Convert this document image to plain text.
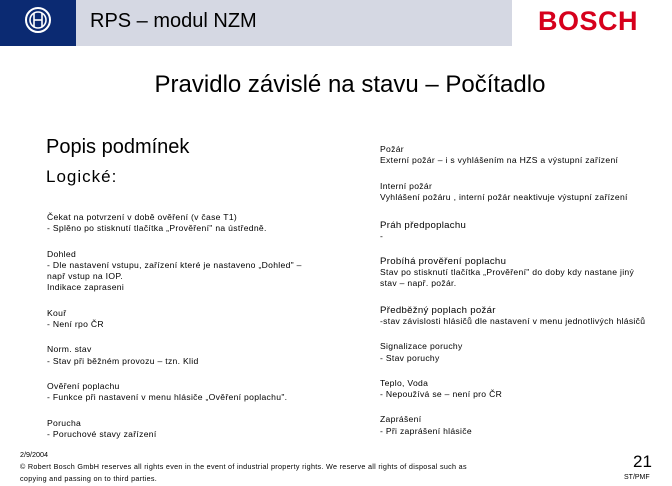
RPS – modul NZM	BOSCH
Pravidlo závislé na stavu – Počítadlo
Popis podmínek
Logické:
Čekat na potvrzení v době ověření (v čase T1)
- Splěno po stisknutí tlačítka „Prověření" na ústředně.
Dohled
- Dle nastavení vstupu, zařízení které je nastaveno „Dohled" –
např vstup na IOP.
Indikace zapraseni
Kouř
- Není rpo ČR
Norm. stav
- Stav při běžném provozu – tzn. Klid
Ověření poplachu
- Funkce při nastavení v menu hlásiče „Ověření poplachu".
Porucha
- Poruchové stavy zařízení
Požár
Externí požár – i s vyhlášením na HZS a výstupní zařízení
Interní požár
Vyhlášení požáru , interní požár neaktivuje výstupní zařízení
Práh předpoplachu
-
Probíhá prověření poplachu
Stav po stisknutí tlačítka „Prověření" do doby kdy nastane jiný
stav – např. požár.
Předběžný poplach požár
-stav závislosti hlásičů dle nastavení v menu jednotlivých hlásičů
Signalizace poruchy
- Stav poruchy
Teplo, Voda
- Nepoužívá se – není pro ČR
Zaprášení
- Při zaprášení hlásiče
2/9/2004
© Robert Bosch GmbH reserves all rights even in the event of industrial property rights. We reserve all rights of disposal such as
copying and passing on to third parties.
21
ST/PMF
